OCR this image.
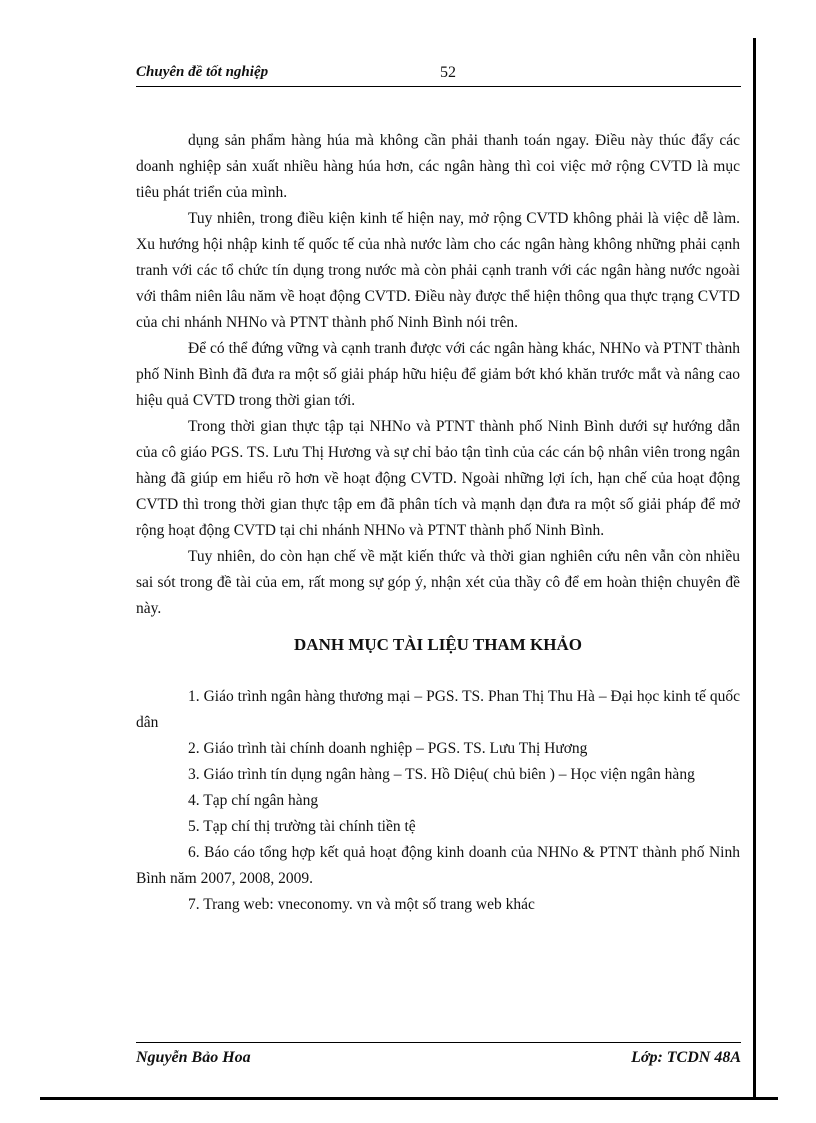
Chuyên đề tốt nghiệp	52

dụng sản phẩm hàng húa mà không cần phải thanh toán ngay. Điều này thúc đẩy các doanh nghiệp sản xuất nhiều hàng húa hơn, các ngân hàng thì coi việc mở rộng CVTD là mục tiêu phát triển của mình.

Tuy nhiên, trong điều kiện kinh tế hiện nay, mở rộng CVTD không phải là việc dễ làm. Xu hướng hội nhập kinh tế quốc tế của nhà nước làm cho các ngân hàng không những phải cạnh tranh với các tổ chức tín dụng trong nước mà còn phải cạnh tranh với các ngân hàng nước ngoài với thâm niên lâu năm về hoạt động CVTD. Điều này được thể hiện thông qua thực trạng CVTD của chi nhánh NHNo và PTNT thành phố Ninh Bình nói trên.

Để có thể đứng vững và cạnh tranh được với các ngân hàng khác, NHNo và PTNT thành phố Ninh Bình đã đưa ra một số giải pháp hữu hiệu để giảm bớt khó khăn trước mắt và nâng cao hiệu quả CVTD trong thời gian tới.

Trong thời gian thực tập tại NHNo và PTNT thành phố Ninh Bình dưới sự hướng dẫn của cô giáo PGS. TS. Lưu Thị Hương và sự chỉ bảo tận tình của các cán bộ nhân viên trong ngân hàng đã giúp em hiểu rõ hơn về hoạt động CVTD. Ngoài những lợi ích, hạn chế của hoạt động CVTD thì trong thời gian thực tập em đã phân tích và mạnh dạn đưa ra một số giải pháp để mở rộng hoạt động CVTD tại chi nhánh NHNo và PTNT thành phố Ninh Bình.

Tuy nhiên, do còn hạn chế về mặt kiến thức và thời gian nghiên cứu nên vẫn còn nhiều sai sót trong đề tài của em, rất mong sự góp ý, nhận xét của thầy cô để em hoàn thiện chuyên đề này.

DANH MỤC TÀI LIỆU THAM KHẢO
1. Giáo trình ngân hàng thương mại – PGS. TS. Phan Thị Thu Hà – Đại học kinh tế quốc dân
2. Giáo trình tài chính doanh nghiệp – PGS. TS. Lưu Thị Hương
3. Giáo trình tín dụng ngân hàng – TS. Hồ Diệu( chủ biên ) – Học viện ngân hàng
4. Tạp chí ngân hàng
5. Tạp chí thị trường tài chính tiền tệ
6. Báo cáo tổng hợp kết quả hoạt động kinh doanh của NHNo & PTNT thành phố Ninh Bình năm 2007, 2008, 2009.
7. Trang web: vneconomy. vn và một số trang web khác
Nguyễn Bảo Hoa	Lớp: TCDN 48A
